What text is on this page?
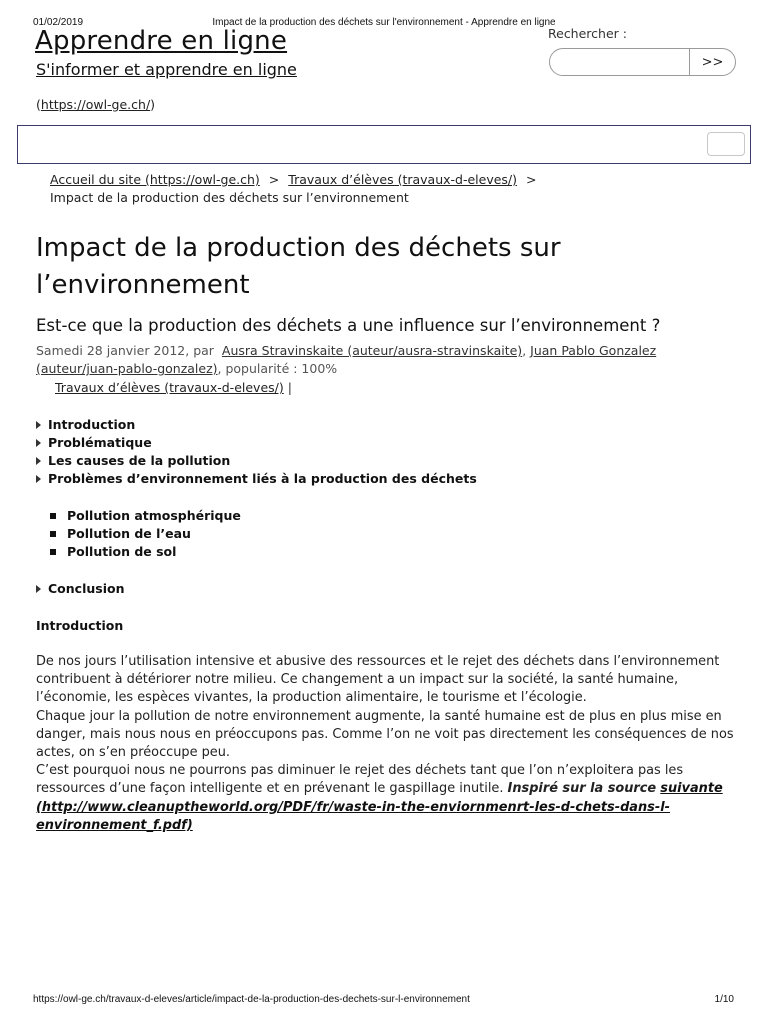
01/02/2019	Impact de la production des déchets sur l'environnement - Apprendre en ligne
Apprendre en ligne
S'informer et apprendre en ligne
(https://owl-ge.ch/)
Rechercher :
>>
Accueil du site (https://owl-ge.ch) > Travaux d’élèves (travaux-d-eleves/) >
Impact de la production des déchets sur l’environnement
Impact de la production des déchets sur l’environnement
Est-ce que la production des déchets a une influence sur l’environnement ?
Samedi 28 janvier 2012, par Ausra Stravinskaite (auteur/ausra-stravinskaite), Juan Pablo Gonzalez (auteur/juan-pablo-gonzalez), popularité : 100%
Travaux d’élèves (travaux-d-eleves/) |
Introduction
Problématique
Les causes de la pollution
Problèmes d’environnement liés à la production des déchets
Pollution atmosphérique
Pollution de l’eau
Pollution de sol
Conclusion
Introduction

De nos jours l’utilisation intensive et abusive des ressources et le rejet des déchets dans l’environnement contribuent à détériorer notre milieu. Ce changement a un impact sur la société, la santé humaine, l’économie, les espèces vivantes, la production alimentaire, le tourisme et l’écologie.

Chaque jour la pollution de notre environnement augmente, la santé humaine est de plus en plus mise en danger, mais nous nous en préoccupons pas. Comme l’on ne voit pas directement les conséquences de nos actes, on s’en préoccupe peu.

C’est pourquoi nous ne pourrons pas diminuer le rejet des déchets tant que l’on n’exploitera pas les ressources d’une façon intelligente et en prévenant le gaspillage inutile. Inspiré sur la source suivante (http://www.cleanuptheworld.org/PDF/fr/waste-in-the-enviornmenrt-les-d-chets-dans-l-environnement_f.pdf)

https://owl-ge.ch/travaux-d-eleves/article/impact-de-la-production-des-dechets-sur-l-environnement	1/10
